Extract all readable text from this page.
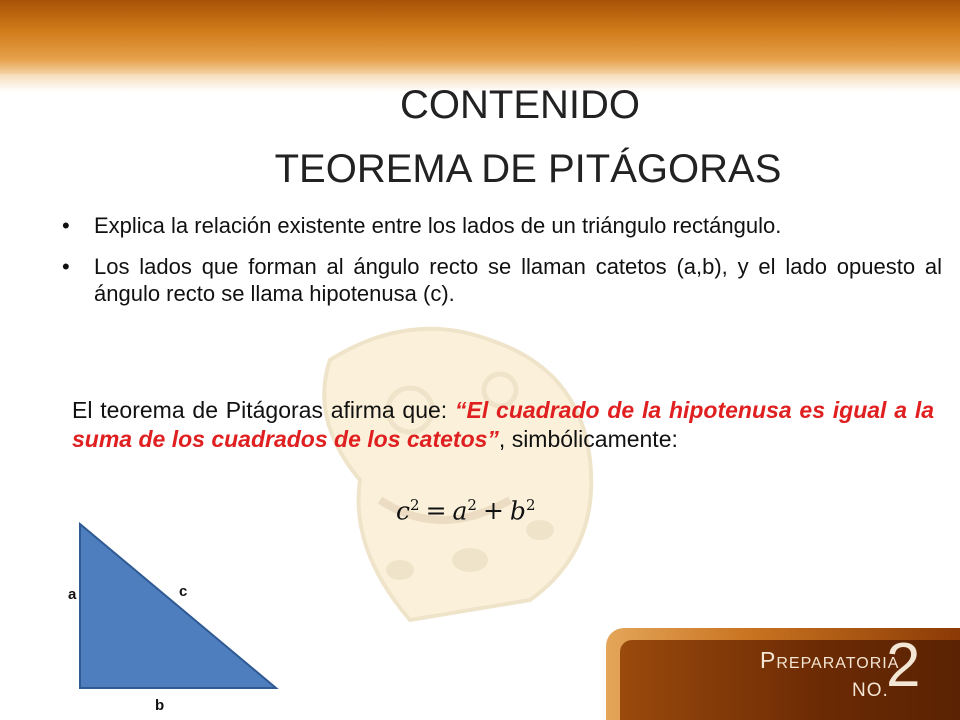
CONTENIDO
TEOREMA DE PITÁGORAS
• Explica la relación existente entre los lados de un triángulo rectángulo.
• Los lados que forman al ángulo recto se llaman catetos (a,b), y el lado opuesto al ángulo recto se llama hipotenusa (c).
El teorema de Pitágoras afirma que: “El cuadrado de la hipotenusa es igual a la suma de los cuadrados de los catetos”, simbólicamente:
$c^2 = a^2 + b^2$
a	c
b
Preparatoria
NO.
2
